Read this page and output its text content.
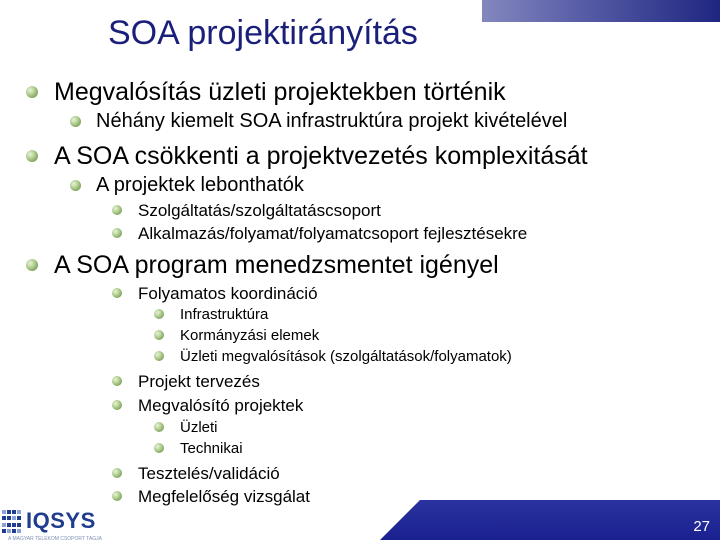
SOA projektirányítás
Megvalósítás üzleti projektekben történik
Néhány kiemelt SOA infrastruktúra projekt kivételével
A SOA csökkenti a projektvezetés komplexitását
A projektek lebonthatók
Szolgáltatás/szolgáltatáscsoport
Alkalmazás/folyamat/folyamatcsoport fejlesztésekre
A SOA program menedzsmentet igényel
Folyamatos koordináció
Infrastruktúra
Kormányzási elemek
Üzleti megvalósítások (szolgáltatások/folyamatok)
Projekt tervezés
Megvalósító projektek
Üzleti
Technikai
Tesztelés/validáció
Megfelelőség vizsgálat
27
IQSYS
A MAGYAR TELEKOM CSOPORT TAGJA
